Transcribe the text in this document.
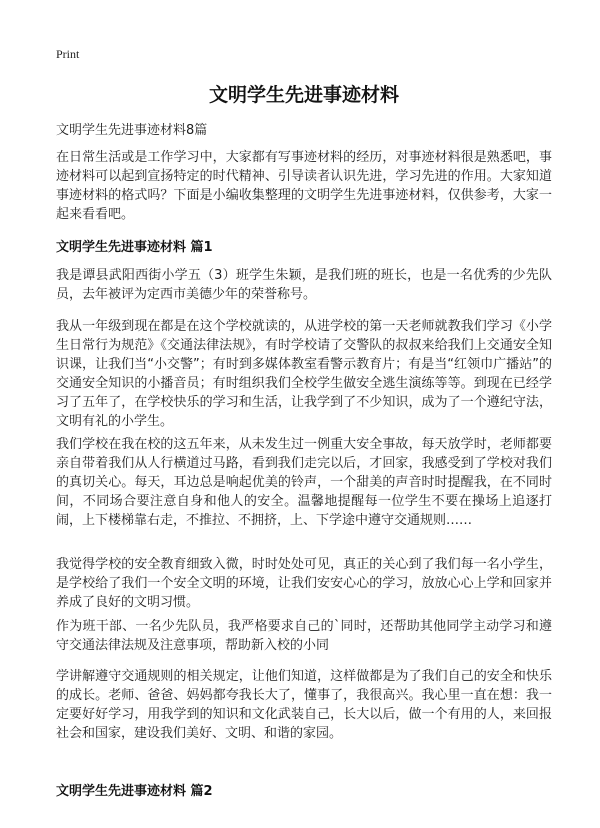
Print
文明学生先进事迹材料
文明学生先进事迹材料8篇

在日常生活或是工作学习中，大家都有写事迹材料的经历，对事迹材料很是熟悉吧，事迹材料可以起到宣扬特定的时代精神、引导读者认识先进，学习先进的作用。大家知道事迹材料的格式吗？下面是小编收集整理的文明学生先进事迹材料，仅供参考，大家一起来看看吧。

文明学生先进事迹材料 篇1

我是谭县武阳西街小学五（3）班学生朱颖，是我们班的班长，也是一名优秀的少先队员，去年被评为定西市美德少年的荣誉称号。

我从一年级到现在都是在这个学校就读的，从进学校的第一天老师就教我们学习《小学生日常行为规范》《交通法律法规》，有时学校请了交警队的叔叔来给我们上交通安全知识课，让我们当“小交警”；有时到多媒体教室看警示教育片；有是当“红领巾广播站”的交通安全知识的小播音员；有时组织我们全校学生做安全逃生演练等等。到现在已经学习了五年了，在学校快乐的学习和生活，让我学到了不少知识，成为了一个遵纪守法，文明有礼的小学生。

我们学校在我在校的这五年来，从未发生过一例重大安全事故，每天放学时，老师都要亲自带着我们从人行横道过马路，看到我们走完以后，才回家，我感受到了学校对我们的真切关心。每天，耳边总是响起优美的铃声，一个甜美的声音时时提醒我，在不同时间，不同场合要注意自身和他人的安全。温馨地提醒每一位学生不要在操场上追逐打闹，上下楼梯靠右走，不推拉、不拥挤，上、下学途中遵守交通规则……

我觉得学校的安全教育细致入微，时时处处可见，真正的关心到了我们每一名小学生，是学校给了我们一个安全文明的环境，让我们安安心心的学习，放放心心上学和回家并养成了良好的文明习惯。

作为班干部、一名少先队员，我严格要求自己的`同时，还帮助其他同学主动学习和遵守交通法律法规及注意事项，帮助新入校的小同

学讲解遵守交通规则的相关规定，让他们知道，这样做都是为了我们自己的安全和快乐的成长。老师、爸爸、妈妈都夸我长大了，懂事了，我很高兴。我心里一直在想：我一定要好好学习，用我学到的知识和文化武装自己，长大以后，做一个有用的人，来回报社会和国家，建设我们美好、文明、和谐的家园。

文明学生先进事迹材料 篇2
